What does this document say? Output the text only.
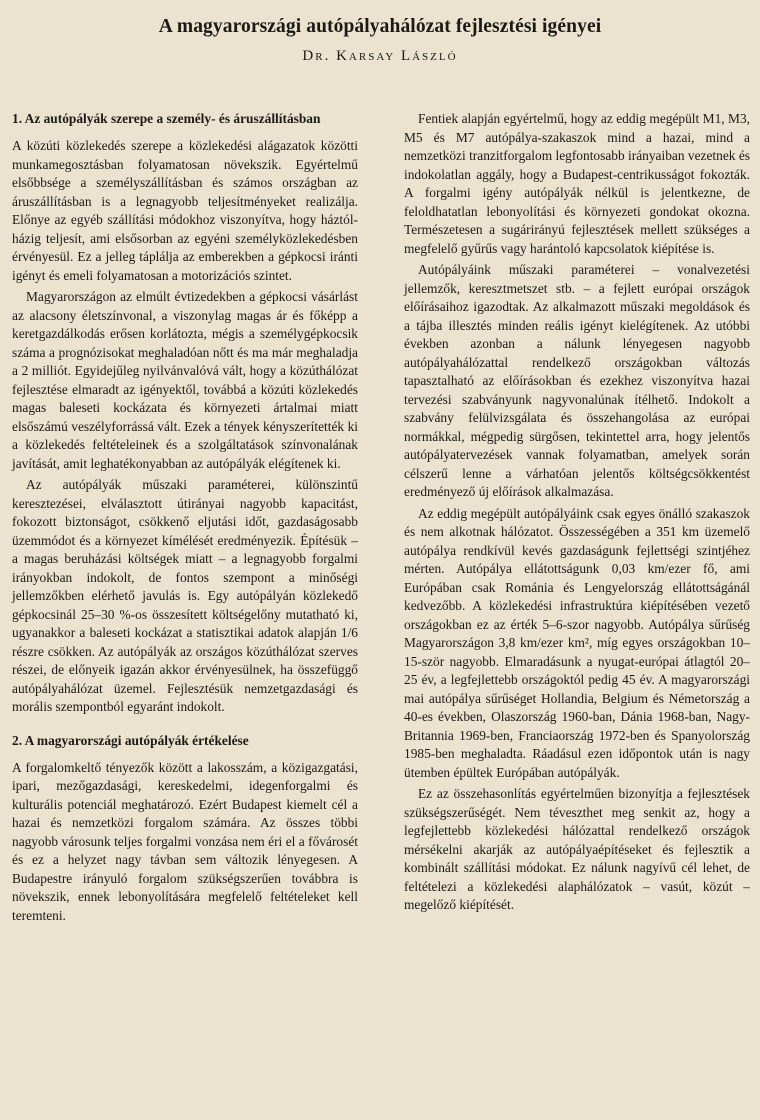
A magyarországi autópályahálózat fejlesztési igényei
Dr. Karsay László

1. Az autópályák szerepe a személy- és áruszállításban

A közúti közlekedés szerepe a közlekedési alágazatok közötti munkamegosztásban folyamatosan növekszik. Egyértelmű elsőbbsége a személyszállításban és számos országban az áruszállításban is a legnagyobb teljesítményeket realizálja. Előnye az egyéb szállítási módokhoz viszonyítva, hogy háztól-házig teljesít, ami elsősorban az egyéni személyközlekedésben érvényesül. Ez a jelleg táplálja az emberekben a gépkocsi iránti igényt és emeli folyamatosan a motorizációs szintet.

Magyarországon az elmúlt évtizedekben a gépkocsi vásárlást az alacsony életszínvonal, a viszonylag magas ár és főképp a keretgazdálkodás erősen korlátozta, mégis a személygépkocsik száma a prognózisokat meghaladóan nőtt és ma már meghaladja a 2 milliót. Egyidejűleg nyilvánvalóvá vált, hogy a közúthálózat fejlesztése elmaradt az igényektől, továbbá a közúti közlekedés magas baleseti kockázata és környezeti ártalmai miatt elsőszámú veszélyforrássá vált. Ezek a tények kényszerítették ki a közlekedés feltételeinek és a szolgáltatások színvonalának javítását, amit leghatékonyabban az autópályák elégítenek ki.

Az autópályák műszaki paraméterei, különszintű keresztezései, elválasztott útirányai nagyobb kapacitást, fokozott biztonságot, csökkenő eljutási időt, gazdaságosabb üzemmódot és a környezet kímélését eredményezik. Építésük – a magas beruházási költségek miatt – a legnagyobb forgalmi irányokban indokolt, de fontos szempont a minőségi jellemzőkben elérhető javulás is. Egy autópályán közlekedő gépkocsinál 25–30 %-os összesített költségelőny mutatható ki, ugyanakkor a baleseti kockázat a statisztikai adatok alapján 1/6 részre csökken. Az autópályák az országos közúthálózat szerves részei, de előnyeik igazán akkor érvényesülnek, ha összefüggő autópályahálózat üzemel. Fejlesztésük nemzetgazdasági és morális szempontból egyaránt indokolt.

2. A magyarországi autópályák értékelése

A forgalomkeltő tényezők között a lakosszám, a közigazgatási, ipari, mezőgazdasági, kereskedelmi, idegenforgalmi és kulturális potenciál meghatározó. Ezért Budapest kiemelt cél a hazai és nemzetközi forgalom számára. Az összes többi nagyobb városunk teljes forgalmi vonzása nem éri el a fővárosét és ez a helyzet nagy távban sem változik lényegesen. A Budapestre irányuló forgalom szükségszerűen továbbra is növekszik, ennek lebonyolítására megfelelő feltételeket kell teremteni.

Fentiek alapján egyértelmű, hogy az eddig megépült M1, M3, M5 és M7 autópálya-szakaszok mind a hazai, mind a nemzetközi tranzitforgalom legfontosabb irányaiban vezetnek és indokolatlan aggály, hogy a Budapest-centrikusságot fokozták. A forgalmi igény autópályák nélkül is jelentkezne, de feloldhatatlan lebonyolítási és környezeti gondokat okozna. Természetesen a sugárirányú fejlesztések mellett szükséges a megfelelő gyűrűs vagy harántoló kapcsolatok kiépítése is.

Autópályáink műszaki paraméterei – vonalvezetési jellemzők, keresztmetszet stb. – a fejlett európai országok előírásaihoz igazodtak. Az alkalmazott műszaki megoldások és a tájba illesztés minden reális igényt kielégítenek. Az utóbbi években azonban a nálunk lényegesen nagyobb autópályahálózattal rendelkező országokban változás tapasztalható az előírásokban és ezekhez viszonyítva hazai tervezési szabványunk nagyvonalúnak ítélhető. Indokolt a szabvány felülvizsgálata és összehangolása az európai normákkal, mégpedig sürgősen, tekintettel arra, hogy jelentős autópályatervezések vannak folyamatban, amelyek során célszerű lenne a várhatóan jelentős költségcsökkentést eredményező új előírások alkalmazása.

Az eddig megépült autópályáink csak egyes önálló szakaszok és nem alkotnak hálózatot. Összességében a 351 km üzemelő autópálya rendkívül kevés gazdaságunk fejlettségi szintjéhez mérten. Autópálya ellátottságunk 0,03 km/ezer fő, ami Európában csak Románia és Lengyelország ellátottságánál kedvezőbb. A közlekedési infrastruktúra kiépítésében vezető országokban ez az érték 5–6-szor nagyobb. Autópálya sűrűség Magyarországon 3,8 km/ezer km², míg egyes országokban 10–15-ször nagyobb. Elmaradásunk a nyugat-európai átlagtól 20–25 év, a legfejlettebb országoktól pedig 45 év. A magyarországi mai autópálya sűrűséget Hollandia, Belgium és Németország a 40-es években, Olaszország 1960-ban, Dánia 1968-ban, Nagy-Britannia 1969-ben, Franciaország 1972-ben és Spanyolország 1985-ben meghaladta. Ráadásul ezen időpontok után is nagy ütemben épültek Európában autópályák.

Ez az összehasonlítás egyértelműen bizonyítja a fejlesztések szükségszerűségét. Nem téveszthet meg senkit az, hogy a legfejlettebb közlekedési hálózattal rendelkező országok mérsékelni akarják az autópályaépítéseket és fejlesztik a kombinált szállítási módokat. Ez nálunk nagyívű cél lehet, de feltételezi a közlekedési alaphálózatok – vasút, közút – megelőző kiépítését.
